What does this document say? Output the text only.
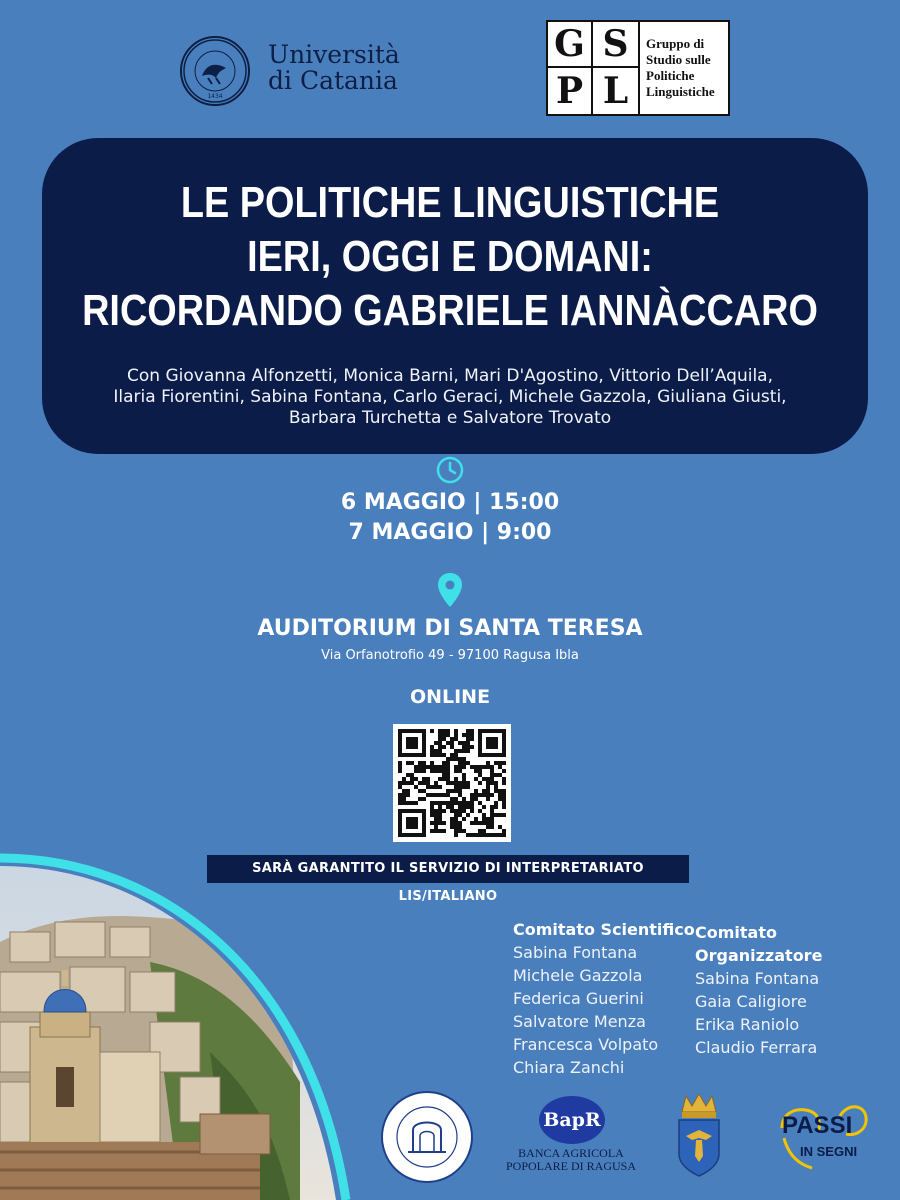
1434
Università
di Catania
G S
P L
Gruppo di
Studio sulle
Politiche
Linguistiche
LE POLITICHE LINGUISTICHE
IERI, OGGI E DOMANI:
RICORDANDO GABRIELE IANNÀCCARO
Con Giovanna Alfonzetti, Monica Barni, Mari D'Agostino, Vittorio Dell’Aquila,
Ilaria Fiorentini, Sabina Fontana, Carlo Geraci, Michele Gazzola, Giuliana Giusti,
Barbara Turchetta e Salvatore Trovato
6 MAGGIO | 15:00
7 MAGGIO | 9:00
AUDITORIUM DI SANTA TERESA
Via Orfanotrofio 49 - 97100 Ragusa Ibla
ONLINE
SARÀ GARANTITO IL SERVIZIO DI INTERPRETARIATO LIS/ITALIANO
Comitato Scientifico
Sabina Fontana
Michele Gazzola
Federica Guerini
Salvatore Menza
Francesca Volpato
Chiara Zanchi
Comitato Organizzatore
Sabina Fontana
Gaia Caligiore
Erika Raniolo
Claudio Ferrara
BapR
BANCA AGRICOLA
POPOLARE DI RAGUSA
PASSI
IN SEGNI
